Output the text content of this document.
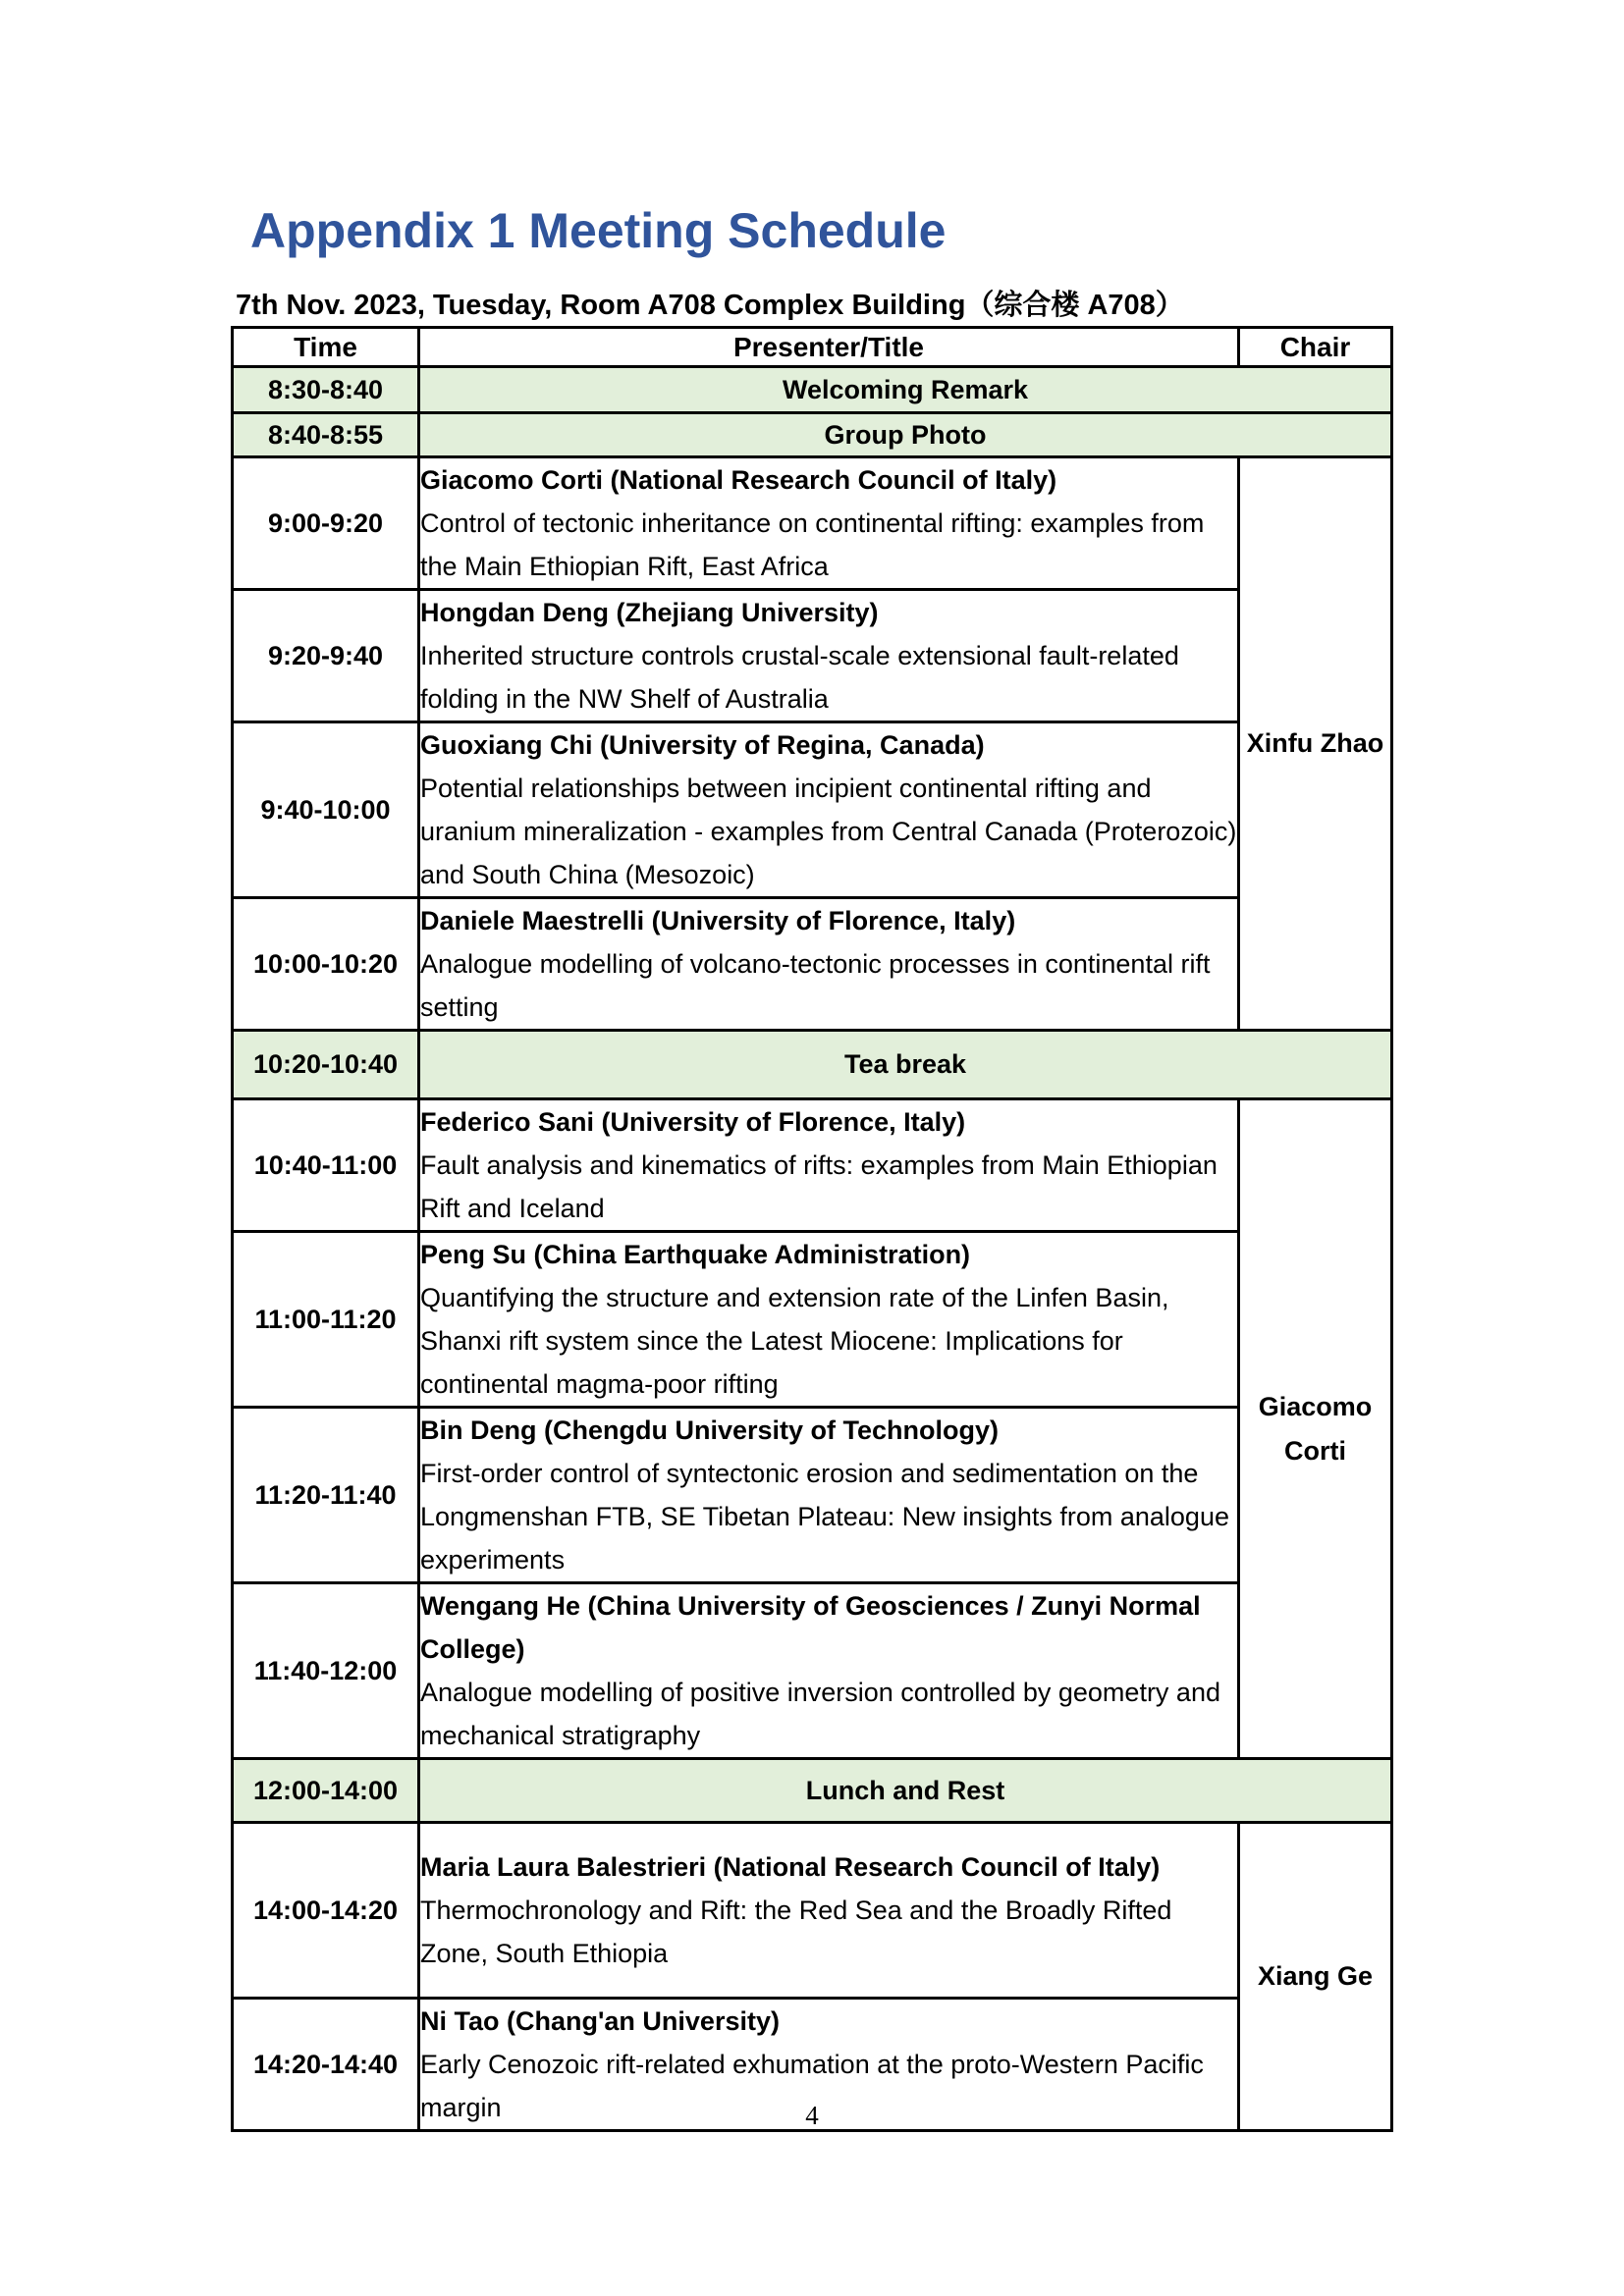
Appendix 1 Meeting Schedule
7th Nov. 2023, Tuesday, Room A708 Complex Building（综合楼 A708）
Time	Presenter/Title	Chair
8:30-8:40	Welcoming Remark	
8:40-8:55	Group Photo	
9:00-9:20	Giacomo Corti (National Research Council of Italy)
Control of tectonic inheritance on continental rifting: examples from the Main Ethiopian Rift, East Africa	Xinfu Zhao
9:20-9:40	Hongdan Deng (Zhejiang University)
Inherited structure controls crustal-scale extensional fault-related folding in the NW Shelf of Australia	

9:40-10:00	Guoxiang Chi (University of Regina, Canada)
Potential relationships between incipient continental rifting and uranium mineralization - examples from Central Canada (Proterozoic) and South China (Mesozoic)	

10:00-10:20	Daniele Maestrelli (University of Florence, Italy)
Analogue modelling of volcano-tectonic processes in continental rift setting	

10:20-10:40	Tea break	
10:40-11:00	Federico Sani (University of Florence, Italy)
Fault analysis and kinematics of rifts: examples from Main Ethiopian Rift and Iceland	Giacomo Corti
11:00-11:20	Peng Su (China Earthquake Administration)
Quantifying the structure and extension rate of the Linfen Basin, Shanxi rift system since the Latest Miocene: Implications for continental magma-poor rifting	

11:20-11:40	Bin Deng (Chengdu University of Technology)
First-order control of syntectonic erosion and sedimentation on the Longmenshan FTB, SE Tibetan Plateau: New insights from analogue experiments	

11:40-12:00	Wengang He (China University of Geosciences / Zunyi Normal College)
Analogue modelling of positive inversion controlled by geometry and mechanical stratigraphy	

12:00-14:00	Lunch and Rest	
14:00-14:20	Maria Laura Balestrieri (National Research Council of Italy)
Thermochronology and Rift: the Red Sea and the Broadly Rifted Zone, South Ethiopia	Xiang Ge
14:20-14:40	Ni Tao (Chang'an University)
Early Cenozoic rift-related exhumation at the proto-Western Pacific margin		4
